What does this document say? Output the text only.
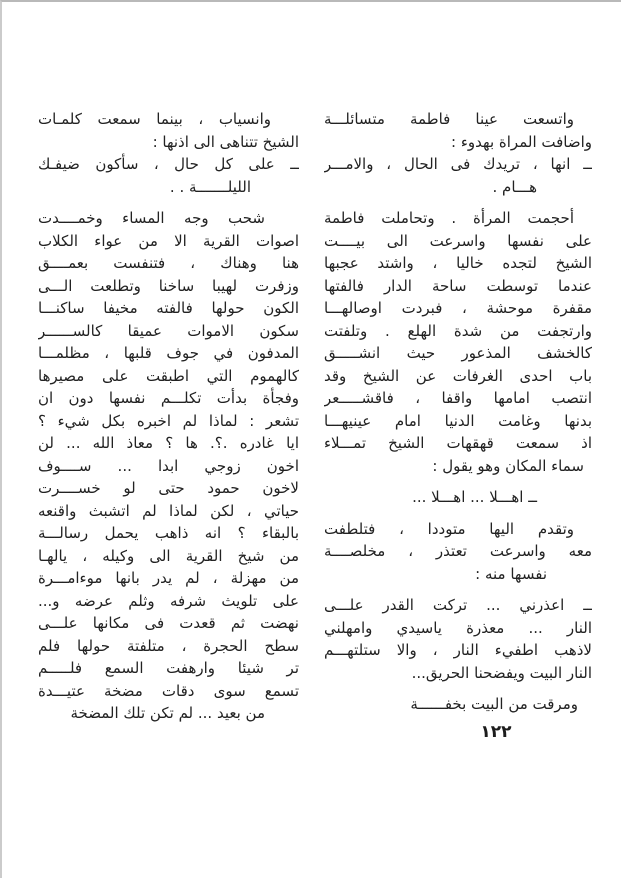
واتسعت عينا فاطمة متسائلـــة
واضافت المراة بهدوء :
ــ انها ، تريدك فى الحال ، والامـــر
هـــام .
أحجمت المرأة . وتحاملت فاطمة
على نفسها واسرعت الى بيــــت
الشيخ لتجده خاليا ، واشتد عجبها
عندما توسطت ساحة الدار فالفتها
مقفرة موحشة ، فبردت اوصالهـــا
وارتجفت من شدة الهلع . وتلفتت
كالخشف المذعور حيث انشـــــق
باب احدى الغرفات عن الشيخ وقد
انتصب امامها واقفا ، فاقشـــــعر
بدنها وغامت الدنيا امام عينيهـــا
اذ سمعت قهقهات الشيخ تمـــلاء
سماء المكان وهو يقول :
ــ اهـــلا ... اهـــلا ...
وتقدم اليها متوددا ، فتلطفت
معه واسرعت تعتذر ، مخلصــــة
نفسها منه :
ــ اعذرني ... تركت القدر علـــى
النار ... معذرة ياسيدي وامهلني
لاذهب اطفيء النار ، والا ستلتهـــم
النار البيت ويفضحنا الحريق...
ومرقت من البيت بخفــــــة
وانسياب ، بينما سمعت كلمـات
الشيخ تتناهى الى اذنها :
ــ على كل حال ، سأكون ضيفـك
الليلـــــــة . .
شحب وجه المساء وخمــــدت
اصوات القرية الا من عواء الكلاب
هنا وهناك ، فتنفست بعمــــق
وزفرت لهيبا ساخنا وتطلعت الـــى
الكون حولها فالفته مخيفا ساكنـــا
سكون الاموات عميقا كالســــــر
المدفون في جوف قلبها ، مظلمـــا
كالهموم التي اطبقت على مصيرها
وفجأة بدأت تكلـــم نفسها دون ان
تشعر : لماذا لم اخبره بكل شيء ؟
ايا غادره .؟. ها ؟ معاذ الله ... لن
اخون زوجي ابدا ... ســــوف
لاخون حمود حتى لو خســــرت
حياتي ، لكن لماذا لم اتشبث واقنعه
بالبقاء ؟ انه ذاهب يحمل رسالـــة
من شيخ القرية الى وكيله ، يالهـا
من مهزلة ، لم يدر بانها موءامـــرة
على تلويث شرفه وثلم عرضه و...
نهضت ثم قعدت فى مكانها علـــى
سطح الحجرة ، متلفتة حولها فلم
تر شيئا وارهفت السمع فلـــــم
تسمع سوى دقات مضخة عتيـــدة
من بعيد ... لم تكن تلك المضخة
١٢٢
